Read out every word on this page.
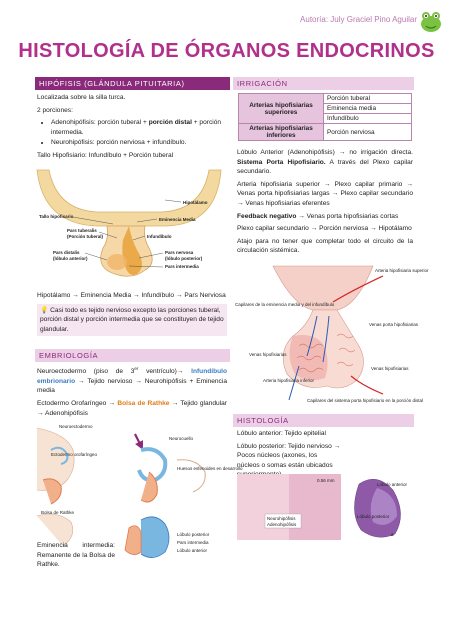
Autoría: July Graciel Pino Aguilar
HISTOLOGÍA DE ÓRGANOS ENDOCRINOS
HIPÓFISIS (GLÁNDULA PITUITARIA)

Localizada sobre la silla turca.

2 porciones:

• Adenohipófisis: porción tuberal + porción distal + porción intermedia.
• Neurohipófisis: porción nerviosa + infundíbulo.

Tallo Hipofisiario: Infundíbulo + Porción tuberal

Hipotálamo
Tallo hipofisario
Eminencia Media
Pars tuberalis
(Porción tuberal)	Infundíbulo
Pars distalis
(lóbulo anterior)
Pars nervosa
(lóbulo posterior)
Pars intermedia

Hipotálamo → Eminencia Media → Infundíbulo → Pars Nerviosa

💡 Casi todo es tejido nervioso excepto las porciones tuberal, porción distal y porción intermedia que se constituyen de tejido glandular.

EMBRIOLOGÍA

Neuroectodermo (piso de 3er ventrículo)→ Infundíbulo embrionario → Tejido nervioso → Neurohipófisis + Eminencia media

Ectodermo Orofaríngeo → Bolsa de Rathke → Tejido glandular → Adenohipófisis

Neuroectodermo
Ectodermo orofaríngeo
Bolsa de Rathke
Neurocuello
Huesos esfenoides en desarrollo
Lóbulo posterior
Pars intermedia
Lóbulo anterior
Eminencia intermedia: Remanente de la Bolsa de Rathke.
IRRIGACIÓN
Arterias hipofisiarias superiores	Porción tuberal
	Eminencia media
	Infundíbulo
Arterias hipofisiarias inferiores	Porción nerviosa

Lóbulo Anterior (Adenohipófisis) → no irrigación directa. Sistema Porta Hipofisiario. A través del Plexo capilar secundario.

Arteria hipofisiaria superior → Plexo capilar primario → Venas porta hipofisiarias largas → Plexo capilar secundario → Venas hipofisiarias eferentes

Feedback negativo → Venas porta hipofisiarias cortas

Plexo capilar secundario → Porción nerviosa → Hipotálamo

Atajo para no tener que completar todo el circuito de la circulación sistémica.

Arteria hipofisiaria superior
Capilares de la eminencia media y del infundíbulo
Venas porta hipofisiarias
Venas hipofisiarias
Venas hipofisiarias
Arteria hipofisiaria inferior
Capilares del sistema porta hipofisiario en la porción distal
HISTOLOGÍA

Lóbulo anterior: Tejido epitelial

Lóbulo posterior: Tejido nervioso → Pocos núcleos (axones, los núcleos o somas están ubicados

Neurohipófisis
Adenohipófisis
0.56 mm
Lóbulo anterior
Lóbulo posterior
a
